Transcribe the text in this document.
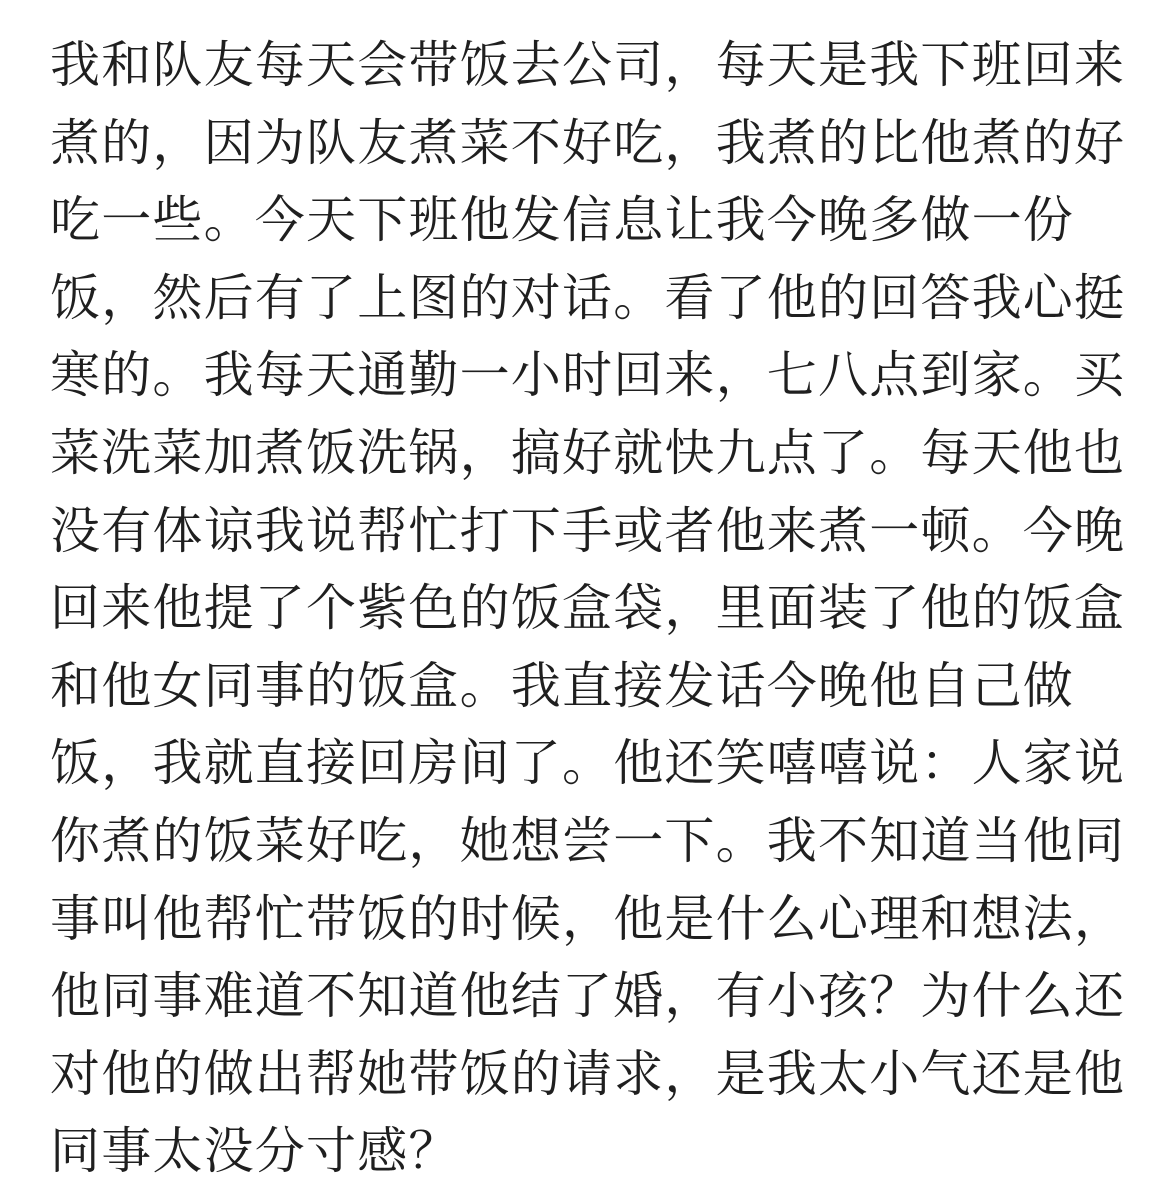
我和队友每天会带饭去公司，每天是我下班回来
煮的，因为队友煮菜不好吃，我煮的比他煮的好
吃一些。今天下班他发信息让我今晚多做一份
饭，然后有了上图的对话。看了他的回答我心挺
寒的。我每天通勤一小时回来，七八点到家。买
菜洗菜加煮饭洗锅，搞好就快九点了。每天他也
没有体谅我说帮忙打下手或者他来煮一顿。今晚
回来他提了个紫色的饭盒袋，里面装了他的饭盒
和他女同事的饭盒。我直接发话今晚他自己做
饭，我就直接回房间了。他还笑嘻嘻说：人家说
你煮的饭菜好吃，她想尝一下。我不知道当他同
事叫他帮忙带饭的时候，他是什么心理和想法，
他同事难道不知道他结了婚，有小孩？为什么还
对他的做出帮她带饭的请求，是我太小气还是他
同事太没分寸感？
